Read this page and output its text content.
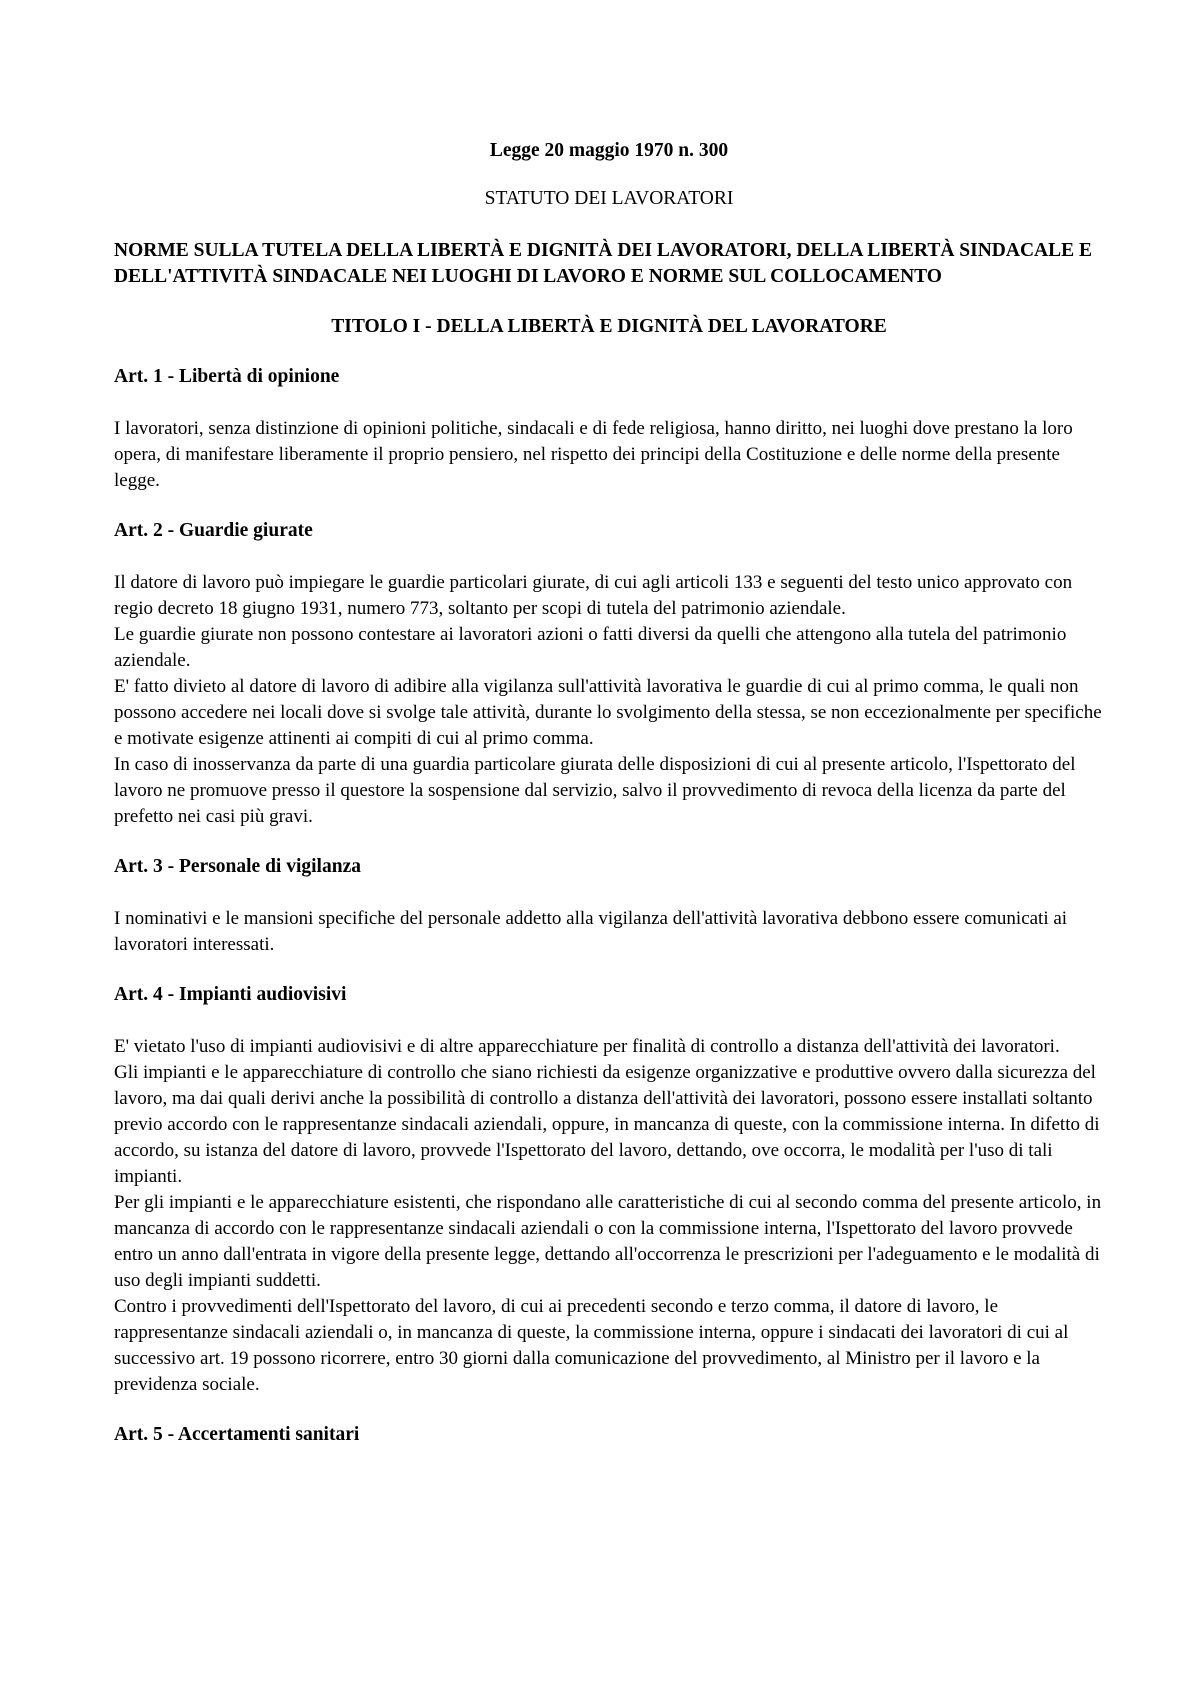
Legge 20 maggio 1970 n. 300
STATUTO DEI LAVORATORI
NORME SULLA TUTELA DELLA LIBERTÀ E DIGNITÀ DEI LAVORATORI, DELLA LIBERTÀ SINDACALE E DELL'ATTIVITÀ SINDACALE NEI LUOGHI DI LAVORO E NORME SUL COLLOCAMENTO
TITOLO I - DELLA LIBERTÀ E DIGNITÀ DEL LAVORATORE
Art. 1 - Libertà di opinione

I lavoratori, senza distinzione di opinioni politiche, sindacali e di fede religiosa, hanno diritto, nei luoghi dove prestano la loro opera, di manifestare liberamente il proprio pensiero, nel rispetto dei principi della Costituzione e delle norme della presente legge.

Art. 2 - Guardie giurate

Il datore di lavoro può impiegare le guardie particolari giurate, di cui agli articoli 133 e seguenti del testo unico approvato con regio decreto 18 giugno 1931, numero 773, soltanto per scopi di tutela del patrimonio aziendale.

Le guardie giurate non possono contestare ai lavoratori azioni o fatti diversi da quelli che attengono alla tutela del patrimonio aziendale.

E' fatto divieto al datore di lavoro di adibire alla vigilanza sull'attività lavorativa le guardie di cui al primo comma, le quali non possono accedere nei locali dove si svolge tale attività, durante lo svolgimento della stessa, se non eccezionalmente per specifiche e motivate esigenze attinenti ai compiti di cui al primo comma.

In caso di inosservanza da parte di una guardia particolare giurata delle disposizioni di cui al presente articolo, l'Ispettorato del lavoro ne promuove presso il questore la sospensione dal servizio, salvo il provvedimento di revoca della licenza da parte del prefetto nei casi più gravi.

Art. 3 - Personale di vigilanza

I nominativi e le mansioni specifiche del personale addetto alla vigilanza dell'attività lavorativa debbono essere comunicati ai lavoratori interessati.

Art. 4 - Impianti audiovisivi

E' vietato l'uso di impianti audiovisivi e di altre apparecchiature per finalità di controllo a distanza dell'attività dei lavoratori.

Gli impianti e le apparecchiature di controllo che siano richiesti da esigenze organizzative e produttive ovvero dalla sicurezza del lavoro, ma dai quali derivi anche la possibilità di controllo a distanza dell'attività dei lavoratori, possono essere installati soltanto previo accordo con le rappresentanze sindacali aziendali, oppure, in mancanza di queste, con la commissione interna. In difetto di accordo, su istanza del datore di lavoro, provvede l'Ispettorato del lavoro, dettando, ove occorra, le modalità per l'uso di tali impianti.

Per gli impianti e le apparecchiature esistenti, che rispondano alle caratteristiche di cui al secondo comma del presente articolo, in mancanza di accordo con le rappresentanze sindacali aziendali o con la commissione interna, l'Ispettorato del lavoro provvede entro un anno dall'entrata in vigore della presente legge, dettando all'occorrenza le prescrizioni per l'adeguamento e le modalità di uso degli impianti suddetti.

Contro i provvedimenti dell'Ispettorato del lavoro, di cui ai precedenti secondo e terzo comma, il datore di lavoro, le rappresentanze sindacali aziendali o, in mancanza di queste, la commissione interna, oppure i sindacati dei lavoratori di cui al successivo art. 19 possono ricorrere, entro 30 giorni dalla comunicazione del provvedimento, al Ministro per il lavoro e la previdenza sociale.

Art. 5 - Accertamenti sanitari
